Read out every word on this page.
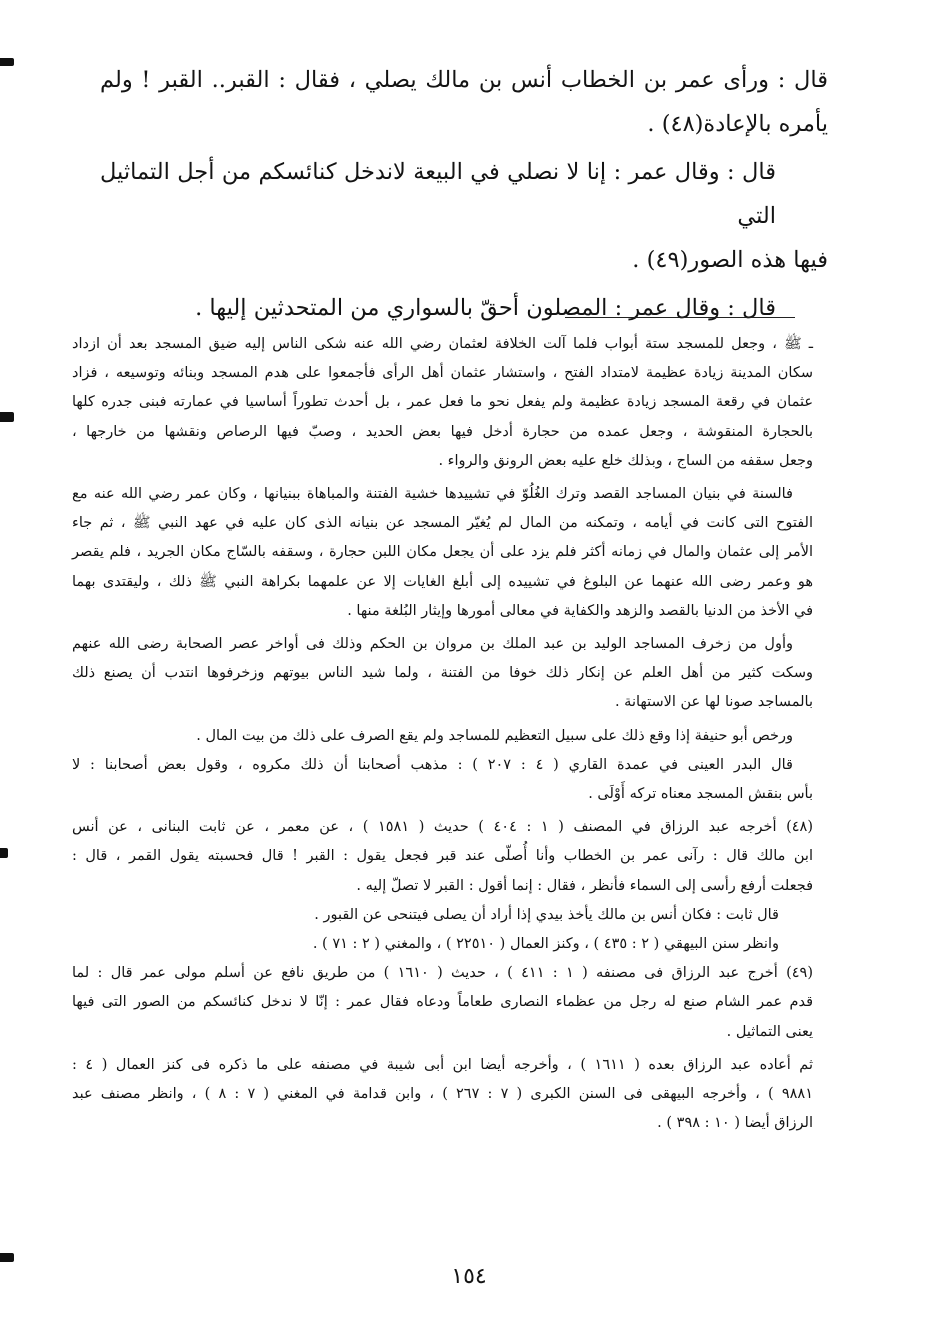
قال : ورأى عمر بن الخطاب أنس بن مالك يصلي ، فقال : القبر.. القبر ! ولم

يأمره بالإعادة(٤٨) .

قال : وقال عمر : إنا لا نصلي في البيعة لاندخل كنائسكم من أجل التماثيل التي

فيها هذه الصور(٤٩) .

قال : وقال عمر : المصلون أحقّ بالسواري من المتحدثين إليها .

ـ ﷺ ، وجعل للمسجد ستة أبواب فلما آلت الخلافة لعثمان رضي الله عنه شكى الناس إليه ضيق المسجد بعد أن ازداد

سكان المدينة زيادة عظيمة لامتداد الفتح ، واستشار عثمان أهل الرأى فأجمعوا على هدم المسجد وبنائه وتوسيعه ، فزاد

عثمان في رقعة المسجد زيادة عظيمة ولم يفعل نحو ما فعل عمر ، بل أحدث تطوراً أساسيا في عمارته فبنى جدره كلها

بالحجارة المنقوشة ، وجعل عمده من حجارة أدخل فيها بعض الحديد ، وصبّ فيها الرصاص ونقشها من خارجها ،

وجعل سقفه من الساج ، وبذلك خلع عليه بعض الرونق والرواء .

فالسنة في بنيان المساجد القصد وترك الغُلُوّ في تشييدها خشية الفتنة والمباهاة ببنيانها ، وكان عمر رضي الله عنه مع

الفتوح التى كانت في أيامه ، وتمكنه من المال لم يُغيّر المسجد عن بنيانه الذى كان عليه في عهد النبي ﷺ ، ثم جاء

الأمر إلى عثمان والمال في زمانه أكثر فلم يزد على أن يجعل مكان اللبن حجارة ، وسقفه بالسّاج مكان الجريد ، فلم يقصر

هو وعمر رضى الله عنهما عن البلوغ في تشييده إلى أبلغ الغايات إلا عن علمهما بكراهة النبي ﷺ ذلك ، وليقتدى بهما

في الأخذ من الدنيا بالقصد والزهد والكفاية في معالى أمورها وإيثار البُلغة منها .

وأول من زخرف المساجد الوليد بن عبد الملك بن مروان بن الحكم وذلك فى أواخر عصر الصحابة رضى الله عنهم

وسكت كثير من أهل العلم عن إنكار ذلك خوفا من الفتنة ، ولما شيد الناس بيوتهم وزخرفوها انتدب أن يصنع ذلك

بالمساجد صونا لها عن الاستهانة .

ورخص أبو حنيفة إذا وقع ذلك على سبيل التعظيم للمساجد ولم يقع الصرف على ذلك من بيت المال .

قال البدر العينى في عمدة القاري ( ٤ : ٢٠٧ ) : مذهب أصحابنا أن ذلك مكروه ، وقول بعض أصحابنا : لا

بأس بنقش المسجد معناه تركه أَوْلَى .

(٤٨) أخرجه عبد الرزاق في المصنف ( ١ : ٤٠٤ ) حديث ( ١٥٨١ ) ، عن معمر ، عن ثابت البنانى ، عن أنس

ابن مالك قال : رآنى عمر بن الخطاب وأنا أُصلّى عند قبر فجعل يقول : القبر ! قال فحسبته يقول القمر ، قال :

فجعلت أرفع رأسى إلى السماء فأنظر ، فقال : إنما أقول : القبر لا تصلّ إليه .

قال ثابت : فكان أنس بن مالك يأخذ بيدي إذا أراد أن يصلى فيتنحى عن القبور .

وانظر سنن البيهقي ( ٢ : ٤٣٥ ) ، وكنز العمال ( ٢٢٥١٠ ) ، والمغني ( ٢ : ٧١ ) .

(٤٩) أخرج عبد الرزاق فى مصنفه ( ١ : ٤١١ ) ، حديث ( ١٦١٠ ) من طريق نافع عن أسلم مولى عمر قال : لما

قدم عمر الشام صنع له رجل من عظماء النصارى طعاماً ودعاه فقال عمر : إنّا لا ندخل كنائسكم من الصور التى فيها

يعنى التماثيل .

ثم أعاده عبد الرزاق بعده ( ١٦١١ ) ، وأخرجه أيضا ابن أبى شيبة في مصنفه على ما ذكره فى كنز العمال ( ٤ :

٩٨٨١ ) ، وأخرجه البيهقى فى السنن الكبرى ( ٧ : ٢٦٧ ) ، وابن قدامة في المغني ( ٧ : ٨ ) ، وانظر مصنف عبد

الرزاق أيضا ( ١٠ : ٣٩٨ ) .

١٥٤
